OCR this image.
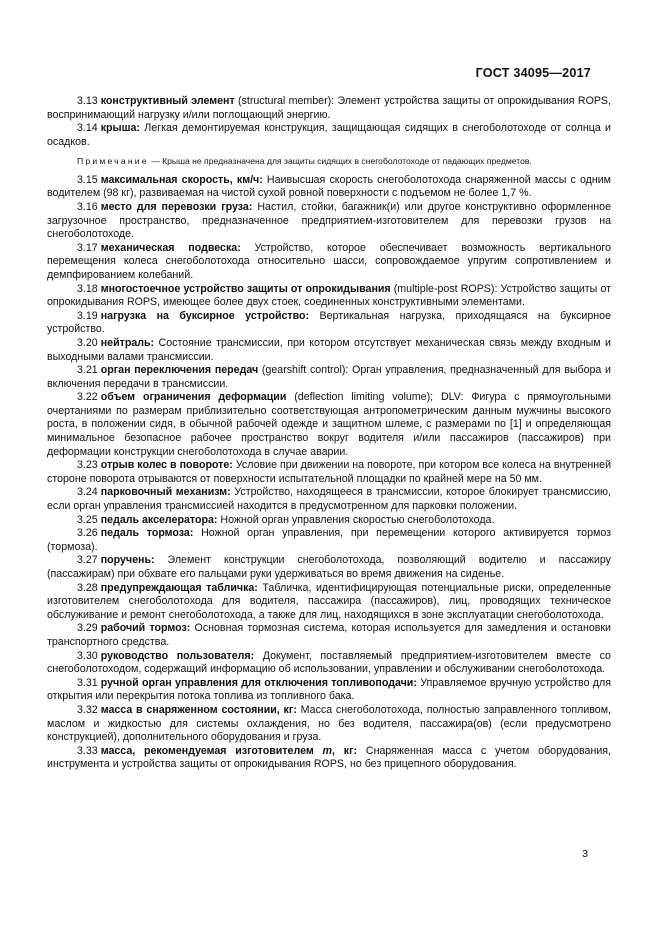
ГОСТ 34095—2017

3.13 конструктивный элемент (structural member): Элемент устройства защиты от опрокидывания ROPS, воспринимающий нагрузку и/или поглощающий энергию.

3.14 крыша: Легкая демонтируемая конструкция, защищающая сидящих в снегоболотоходе от солнца и осадков.

Примечание — Крыша не предназначена для защиты сидящих в снегоболотоходе от падающих предметов.

3.15 максимальная скорость, км/ч: Наивысшая скорость снегоболотохода снаряженной массы с одним водителем (98 кг), развиваемая на чистой сухой ровной поверхности с подъемом не более 1,7 %.

3.16 место для перевозки груза: Настил, стойки, багажник(и) или другое конструктивно оформленное загрузочное пространство, предназначенное предприятием-изготовителем для перевозки грузов на снегоболотоходе.

3.17 механическая подвеска: Устройство, которое обеспечивает возможность вертикального перемещения колеса снегоболотохода относительно шасси, сопровождаемое упругим сопротивлением и демпфированием колебаний.

3.18 многостоечное устройство защиты от опрокидывания (multiple-post ROPS): Устройство защиты от опрокидывания ROPS, имеющее более двух стоек, соединенных конструктивными элементами.

3.19 нагрузка на буксирное устройство: Вертикальная нагрузка, приходящаяся на буксирное устройство.

3.20 нейтраль: Состояние трансмиссии, при котором отсутствует механическая связь между входным и выходными валами трансмиссии.

3.21 орган переключения передач (gearshift control): Орган управления, предназначенный для выбора и включения передачи в трансмиссии.

3.22 объем ограничения деформации (deflection limiting volume); DLV: Фигура с прямоугольными очертаниями по размерам приблизительно соответствующая антропометрическим данным мужчины высокого роста, в положении сидя, в обычной рабочей одежде и защитном шлеме, с размерами по [1] и определяющая минимальное безопасное рабочее пространство вокруг водителя и/или пассажиров (пассажиров) при деформации конструкции снегоболотохода в случае аварии.

3.23 отрыв колес в повороте: Условие при движении на повороте, при котором все колеса на внутренней стороне поворота отрываются от поверхности испытательной площадки по крайней мере на 50 мм.

3.24 парковочный механизм: Устройство, находящееся в трансмиссии, которое блокирует трансмиссию, если орган управления трансмиссией находится в предусмотренном для парковки положении.

3.25 педаль акселератора: Ножной орган управления скоростью снегоболотохода.

3.26 педаль тормоза: Ножной орган управления, при перемещении которого активируется тормоз (тормоза).

3.27 поручень: Элемент конструкции снегоболотохода, позволяющий водителю и пассажиру (пассажирам) при обхвате его пальцами руки удерживаться во время движения на сиденье.

3.28 предупреждающая табличка: Табличка, идентифицирующая потенциальные риски, определенные изготовителем снегоболотохода для водителя, пассажира (пассажиров), лиц, проводящих техническое обслуживание и ремонт снегоболотохода, а также для лиц, находящихся в зоне эксплуатации снегоболотохода.

3.29 рабочий тормоз: Основная тормозная система, которая используется для замедления и остановки транспортного средства.

3.30 руководство пользователя: Документ, поставляемый предприятием-изготовителем вместе со снегоболотоходом, содержащий информацию об использовании, управлении и обслуживании снегоболотохода.

3.31 ручной орган управления для отключения топливоподачи: Управляемое вручную устройство для открытия или перекрытия потока топлива из топливного бака.

3.32 масса в снаряженном состоянии, кг: Масса снегоболотохода, полностью заправленного топливом, маслом и жидкостью для системы охлаждения, но без водителя, пассажира(ов) (если предусмотрено конструкцией), дополнительного оборудования и груза.

3.33 масса, рекомендуемая изготовителем m, кг: Снаряженная масса с учетом оборудования, инструмента и устройства защиты от опрокидывания ROPS, но без прицепного оборудования.

3
